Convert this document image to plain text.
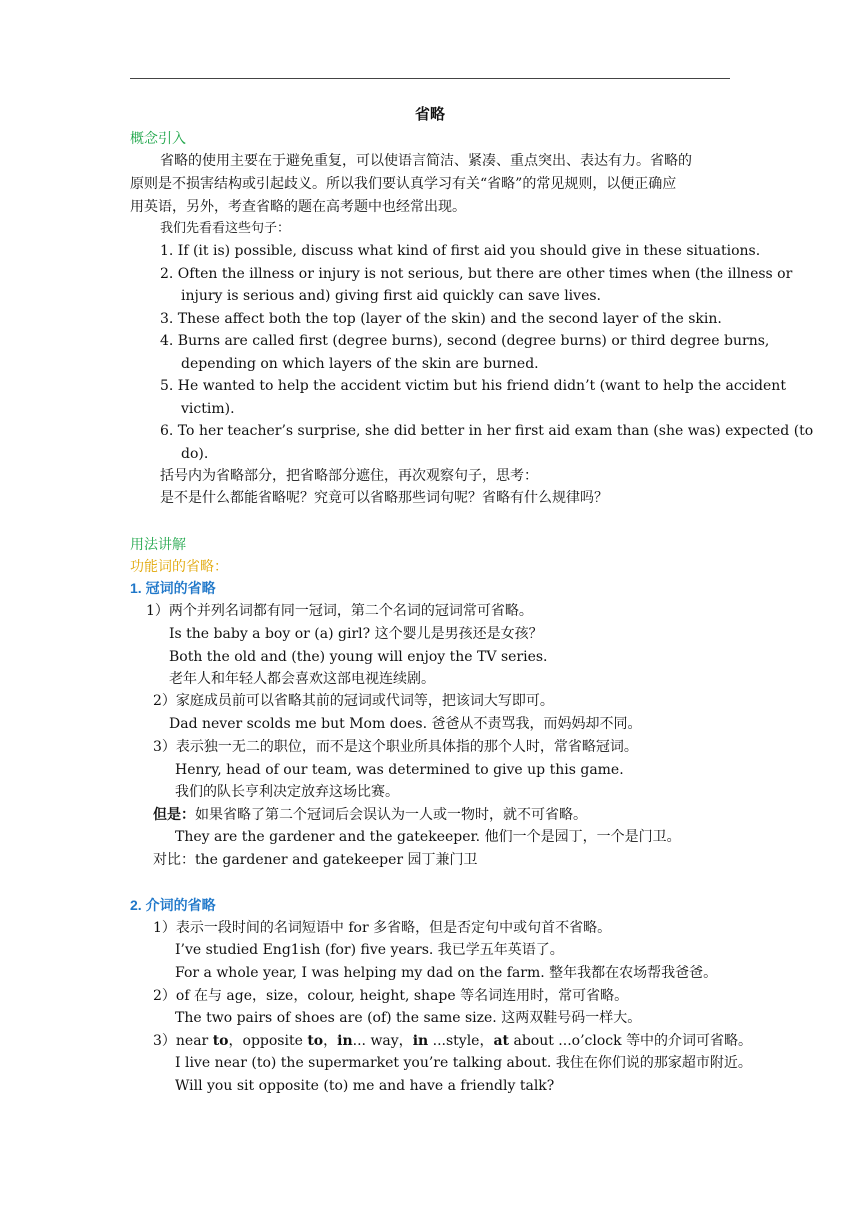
省略
概念引入
省略的使用主要在于避免重复，可以使语言简洁、紧凑、重点突出、表达有力。省略的
原则是不损害结构或引起歧义。所以我们要认真学习有关“省略”的常见规则，以便正确应
用英语，另外，考查省略的题在高考题中也经常出现。
我们先看看这些句子：
1. If (it is) possible, discuss what kind of first aid you should give in these situations.
2. Often the illness or injury is not serious, but there are other times when (the illness or
injury is serious and) giving first aid quickly can save lives.
3. These affect both the top (layer of the skin) and the second layer of the skin.
4. Burns are called first (degree burns), second (degree burns) or third degree burns,
depending on which layers of the skin are burned.
5. He wanted to help the accident victim but his friend didn’t (want to help the accident
victim).
6. To her teacher’s surprise, she did better in her first aid exam than (she was) expected (to
do).
括号内为省略部分，把省略部分遮住，再次观察句子，思考：
是不是什么都能省略呢？究竟可以省略那些词句呢？省略有什么规律吗？
用法讲解
功能词的省略：
1. 冠词的省略
1）两个并列名词都有同一冠词，第二个名词的冠词常可省略。
Is the baby a boy or (a) girl? 这个婴儿是男孩还是女孩？
Both the old and (the) young will enjoy the TV series.
老年人和年轻人都会喜欢这部电视连续剧。
2）家庭成员前可以省略其前的冠词或代词等，把该词大写即可。
Dad never scolds me but Mom does. 爸爸从不责骂我，而妈妈却不同。
3）表示独一无二的职位，而不是这个职业所具体指的那个人时，常省略冠词。
Henry, head of our team, was determined to give up this game.
我们的队长亨利决定放弃这场比赛。
但是：如果省略了第二个冠词后会误认为一人或一物时，就不可省略。
They are the gardener and the gatekeeper. 他们一个是园丁，一个是门卫。
对比：the gardener and gatekeeper 园丁兼门卫
2. 介词的省略
1）表示一段时间的名词短语中 for 多省略，但是否定句中或句首不省略。
I’ve studied Eng1ish (for) five years. 我已学五年英语了。
For a whole year, I was helping my dad on the farm. 整年我都在农场帮我爸爸。
2）of 在与 age，size，colour, height, shape 等名词连用时，常可省略。
The two pairs of shoes are (of) the same size. 这两双鞋号码一样大。
3）near to，opposite to，in... way，in ...style，at about ...o’clock 等中的介词可省略。
I live near (to) the supermarket you’re talking about. 我住在你们说的那家超市附近。
Will you sit opposite (to) me and have a friendly talk?
